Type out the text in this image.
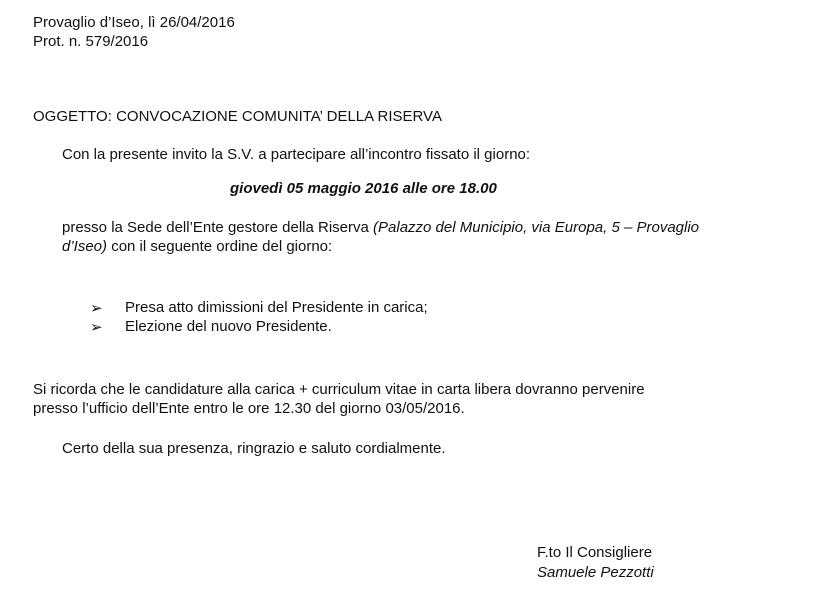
Provaglio d’Iseo, lì 26/04/2016
Prot. n. 579/2016
OGGETTO: CONVOCAZIONE COMUNITA’ DELLA RISERVA
Con la presente invito la S.V. a partecipare all’incontro fissato il giorno:
giovedì 05 maggio 2016 alle ore 18.00
presso la Sede dell’Ente gestore della Riserva (Palazzo del Municipio, via Europa, 5 – Provaglio
d’Iseo) con il seguente ordine del giorno:
➢ Presa atto dimissioni del Presidente in carica;
➢ Elezione del nuovo Presidente.
Si ricorda che le candidature alla carica + curriculum vitae in carta libera dovranno pervenire
presso l’ufficio dell’Ente entro le ore 12.30 del giorno 03/05/2016.
Certo della sua presenza, ringrazio e saluto cordialmente.
F.to Il Consigliere
Samuele Pezzotti
